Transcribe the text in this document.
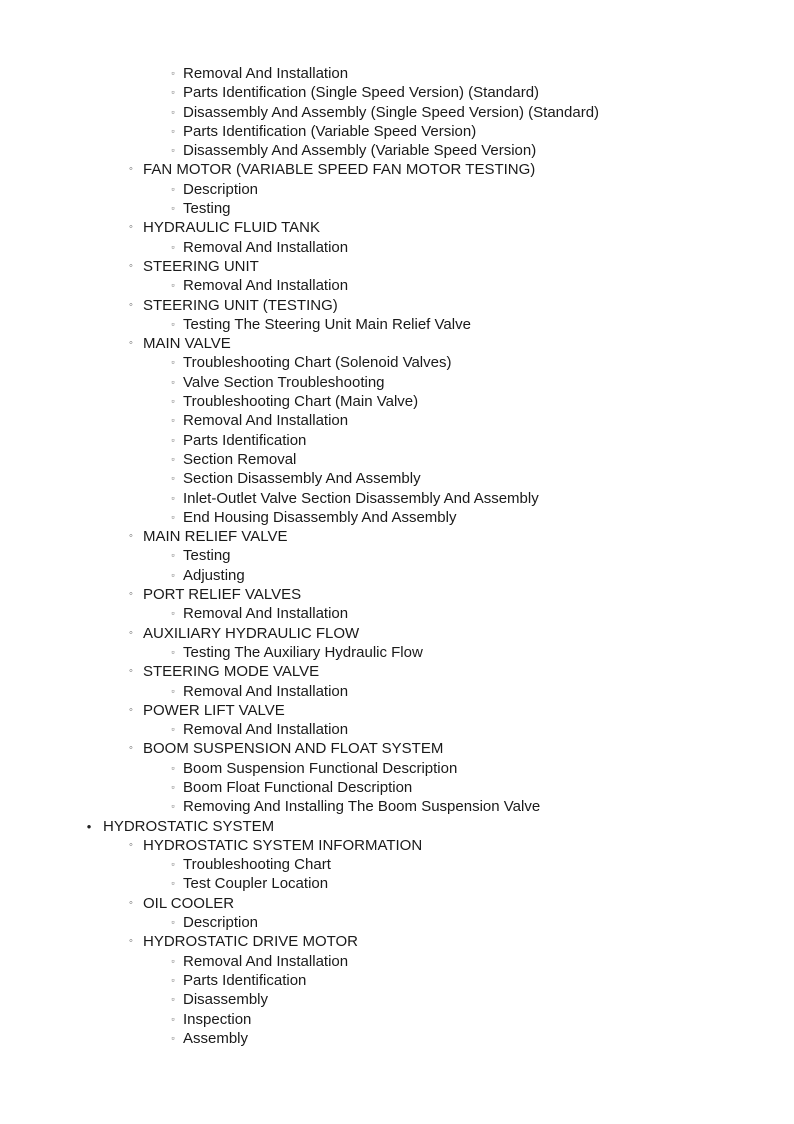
▫ Removal And Installation
▫ Parts Identification (Single Speed Version) (Standard)
▫ Disassembly And Assembly (Single Speed Version) (Standard)
▫ Parts Identification (Variable Speed Version)
▫ Disassembly And Assembly (Variable Speed Version)
◦ FAN MOTOR (VARIABLE SPEED FAN MOTOR TESTING)
▫ Description
▫ Testing
◦ HYDRAULIC FLUID TANK
▫ Removal And Installation
◦ STEERING UNIT
▫ Removal And Installation
◦ STEERING UNIT (TESTING)
▫ Testing The Steering Unit Main Relief Valve
◦ MAIN VALVE
▫ Troubleshooting Chart (Solenoid Valves)
▫ Valve Section Troubleshooting
▫ Troubleshooting Chart (Main Valve)
▫ Removal And Installation
▫ Parts Identification
▫ Section Removal
▫ Section Disassembly And Assembly
▫ Inlet-Outlet Valve Section Disassembly And Assembly
▫ End Housing Disassembly And Assembly
◦ MAIN RELIEF VALVE
▫ Testing
▫ Adjusting
◦ PORT RELIEF VALVES
▫ Removal And Installation
◦ AUXILIARY HYDRAULIC FLOW
▫ Testing The Auxiliary Hydraulic Flow
◦ STEERING MODE VALVE
▫ Removal And Installation
◦ POWER LIFT VALVE
▫ Removal And Installation
◦ BOOM SUSPENSION AND FLOAT SYSTEM
▫ Boom Suspension Functional Description
▫ Boom Float Functional Description
▫ Removing And Installing The Boom Suspension Valve
• HYDROSTATIC SYSTEM
◦ HYDROSTATIC SYSTEM INFORMATION
▫ Troubleshooting Chart
▫ Test Coupler Location
◦ OIL COOLER
▫ Description
◦ HYDROSTATIC DRIVE MOTOR
▫ Removal And Installation
▫ Parts Identification
▫ Disassembly
▫ Inspection
▫ Assembly
